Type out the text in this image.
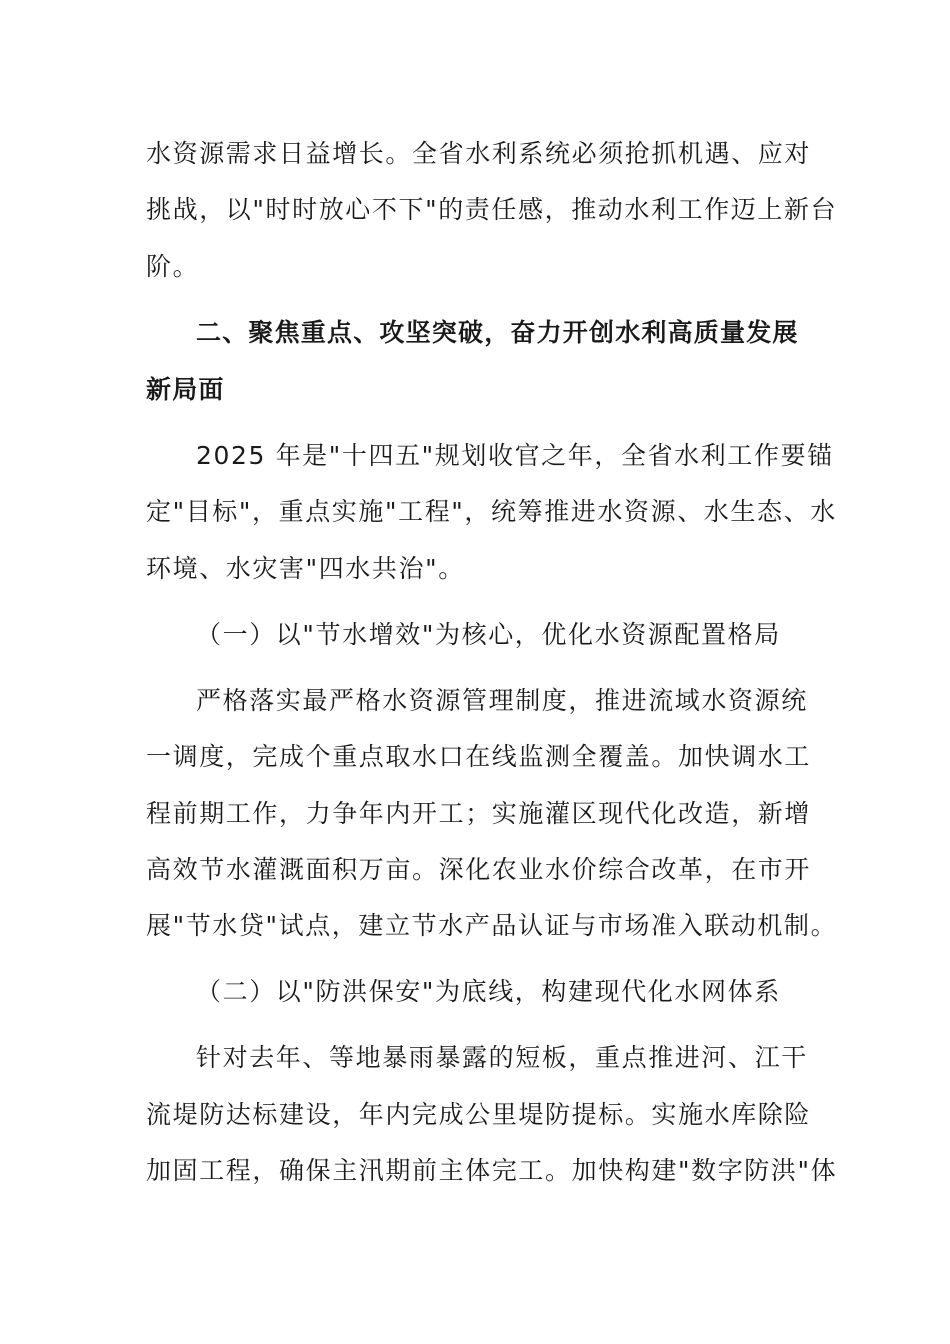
水资源需求日益增长。全省水利系统必须抢抓机遇、应对
挑战，以"时时放心不下"的责任感，推动水利工作迈上新台
阶。
二、聚焦重点、攻坚突破，奋力开创水利高质量发展
新局面
2025 年是"十四五"规划收官之年，全省水利工作要锚
定"目标"，重点实施"工程"，统筹推进水资源、水生态、水
环境、水灾害"四水共治"。
（一）以"节水增效"为核心，优化水资源配置格局
严格落实最严格水资源管理制度，推进流域水资源统
一调度，完成个重点取水口在线监测全覆盖。加快调水工
程前期工作，力争年内开工；实施灌区现代化改造，新增
高效节水灌溉面积万亩。深化农业水价综合改革，在市开
展"节水贷"试点，建立节水产品认证与市场准入联动机制。
（二）以"防洪保安"为底线，构建现代化水网体系
针对去年、等地暴雨暴露的短板，重点推进河、江干
流堤防达标建设，年内完成公里堤防提标。实施水库除险
加固工程，确保主汛期前主体完工。加快构建"数字防洪"体
